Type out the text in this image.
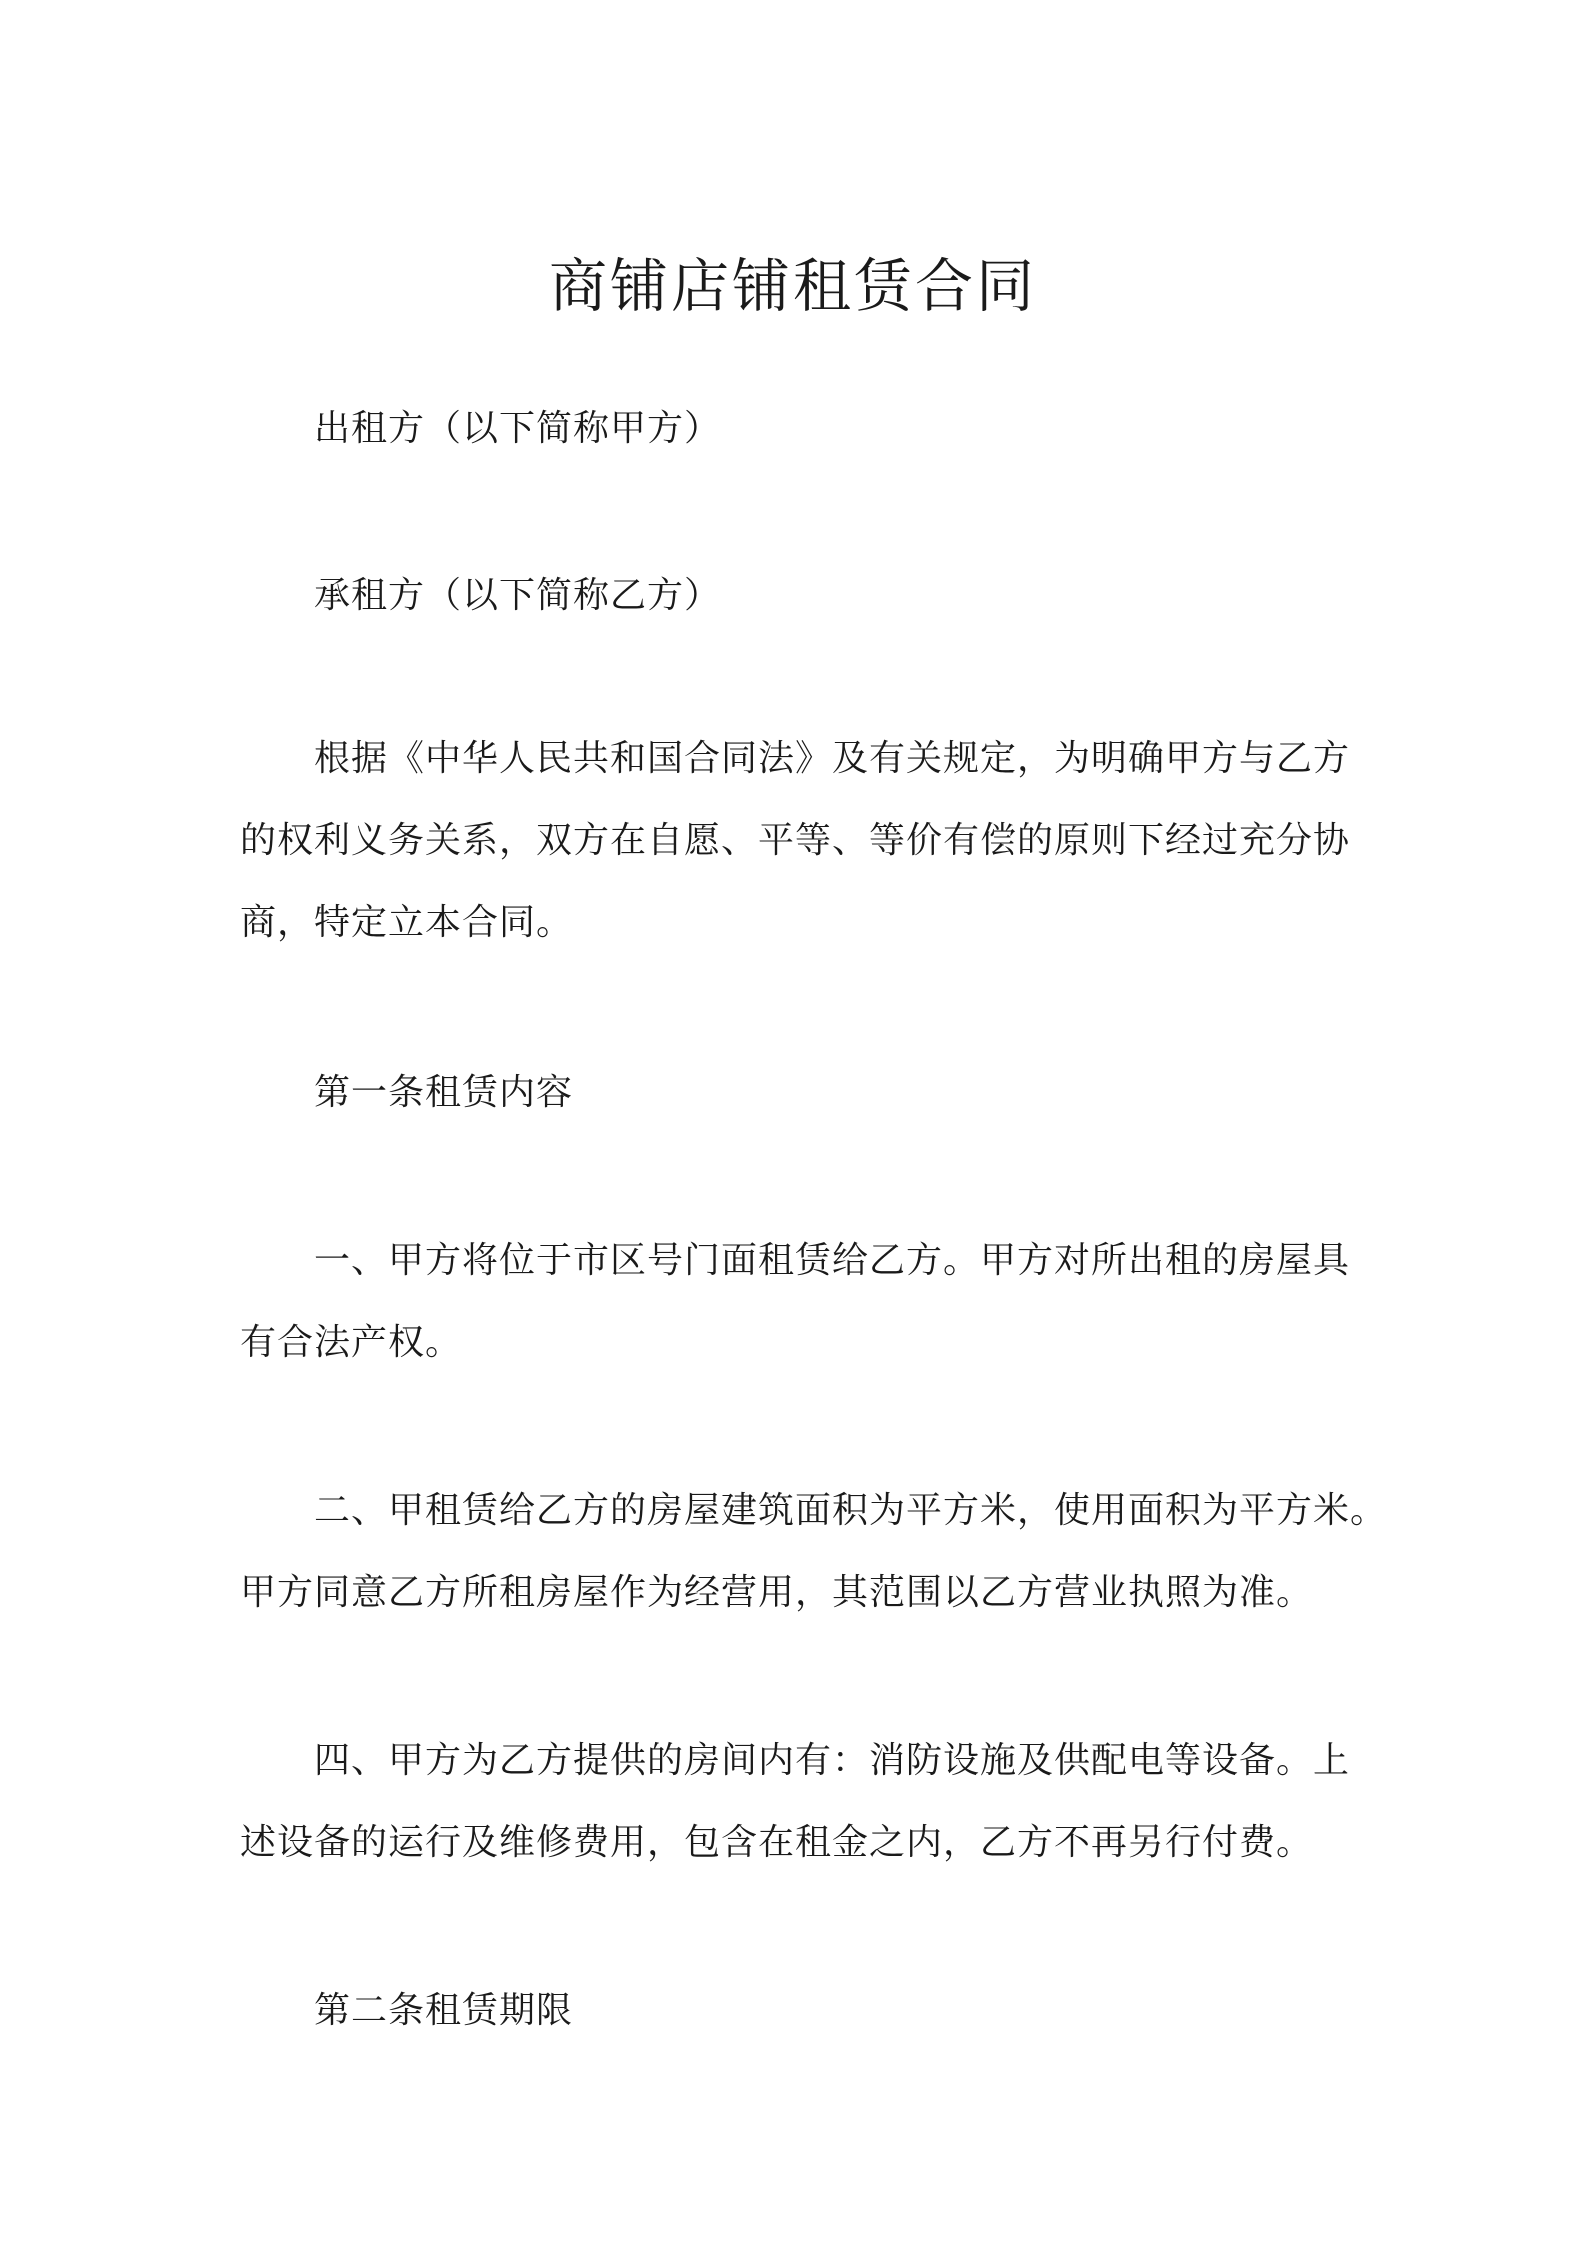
商铺店铺租赁合同

出租方（以下简称甲方）

承租方（以下简称乙方）

根据《中华人民共和国合同法》及有关规定，为明确甲方与乙方
的权利义务关系，双方在自愿、平等、等价有偿的原则下经过充分协
商，特定立本合同。

第一条租赁内容

一、甲方将位于市区号门面租赁给乙方。甲方对所出租的房屋具
有合法产权。
二、甲租赁给乙方的房屋建筑面积为平方米，使用面积为平方米。
甲方同意乙方所租房屋作为经营用，其范围以乙方营业执照为准。
四、甲方为乙方提供的房间内有：消防设施及供配电等设备。上
述设备的运行及维修费用，包含在租金之内，乙方不再另行付费。

第二条租赁期限
